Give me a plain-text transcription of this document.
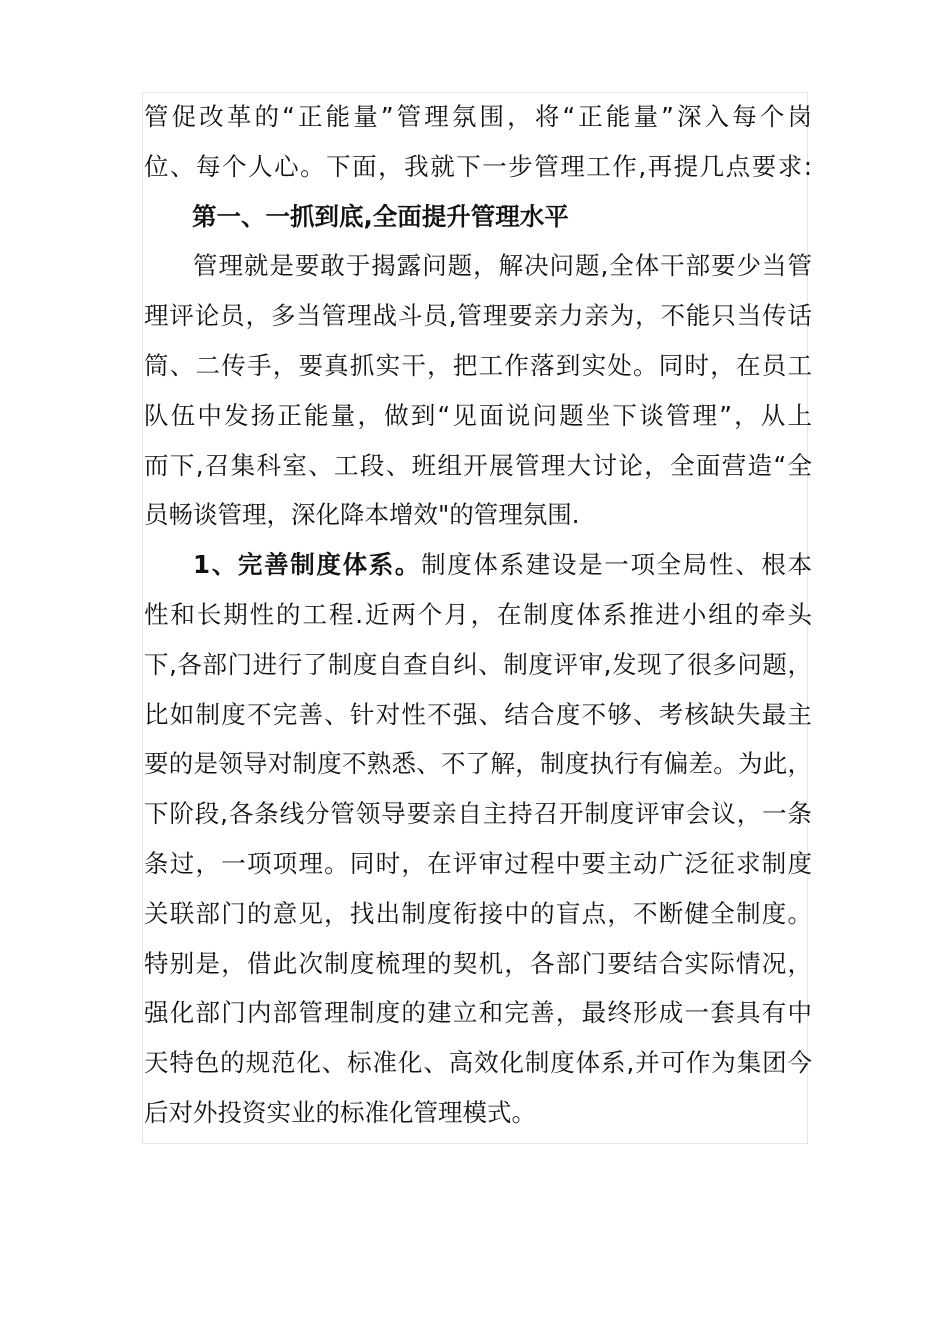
管促改革的“正能量”管理氛围，将“正能量”深入每个岗
位、每个人心。下面，我就下一步管理工作,再提几点要求:
第一、一抓到底,全面提升管理水平
管理就是要敢于揭露问题，解决问题,全体干部要少当管
理评论员，多当管理战斗员,管理要亲力亲为，不能只当传话
筒、二传手，要真抓实干，把工作落到实处。同时，在员工
队伍中发扬正能量，做到“见面说问题坐下谈管理”，从上
而下,召集科室、工段、班组开展管理大讨论，全面营造“全
员畅谈管理，深化降本增效"的管理氛围.
1、完善制度体系。制度体系建设是一项全局性、根本
性和长期性的工程.近两个月，在制度体系推进小组的牵头
下,各部门进行了制度自查自纠、制度评审,发现了很多问题，
比如制度不完善、针对性不强、结合度不够、考核缺失最主
要的是领导对制度不熟悉、不了解，制度执行有偏差。为此，
下阶段,各条线分管领导要亲自主持召开制度评审会议，一条
条过，一项项理。同时，在评审过程中要主动广泛征求制度
关联部门的意见，找出制度衔接中的盲点，不断健全制度。
特别是，借此次制度梳理的契机，各部门要结合实际情况，
强化部门内部管理制度的建立和完善，最终形成一套具有中
天特色的规范化、标准化、高效化制度体系,并可作为集团今
后对外投资实业的标准化管理模式。
